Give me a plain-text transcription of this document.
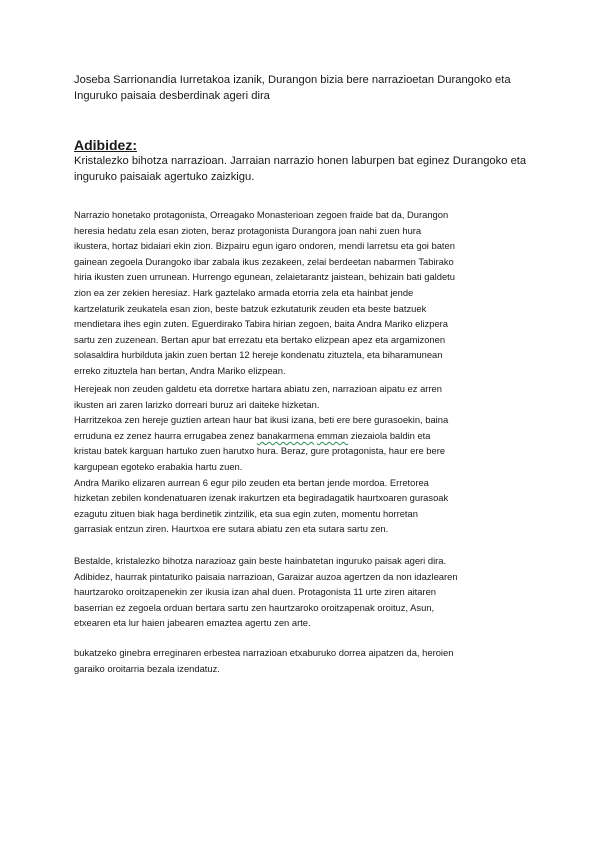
Joseba Sarrionandia Iurretakoa izanik, Durangon bizia bere narrazioetan Durangoko eta Inguruko paisaia desberdinak ageri dira

Adibidez:

Kristalezko bihotza narrazioan. Jarraian narrazio honen laburpen bat eginez Durangoko eta inguruko paisaiak agertuko zaizkigu.

Narrazio honetako protagonista, Orreagako Monasterioan zegoen fraide bat da, Durangon
heresia hedatu zela esan zioten, beraz protagonista Durangora joan nahi zuen hura
ikustera, hortaz bidaiari ekin zion. Bizpairu egun igaro ondoren, mendi larretsu eta goi baten
gainean zegoela Durangoko ibar zabala ikus zezakeen, zelai berdeetan nabarmen Tabirako
hiria ikusten zuen urrunean. Hurrengo egunean, zelaietarantz jaistean, behizain bati galdetu
zion ea zer zekien heresiaz. Hark gaztelako armada etorria zela eta hainbat jende
kartzelaturik zeukatela esan zion, beste batzuk ezkutaturik zeuden eta beste batzuek
mendietara ihes egin zuten. Eguerdirako Tabira hirian zegoen, baita Andra Mariko elizpera
sartu zen zuzenean. Bertan apur bat errezatu eta bertako elizpean apez eta argamizonen
solasaldira hurbilduta jakin zuen bertan 12 hereje kondenatu zituztela, eta biharamunean
erreko zituztela han bertan, Andra Mariko elizpean.
Herejeak non zeuden galdetu eta dorretxe hartara abiatu zen, narrazioan aipatu ez arren
ikusten ari zaren larizko dorreari buruz ari daiteke hizketan.
Harritzekoa zen hereje guztien artean haur bat ikusi izana, beti ere bere gurasoekin, baina
erruduna ez zenez haurra errugabea zenez banakarmena emman ziezaiola baldin eta
kristau batek karguan hartuko zuen harutxo hura. Beraz, gure protagonista, haur ere bere
kargupean egoteko erabakia hartu zuen.
Andra Mariko elizaren aurrean 6 egur pilo zeuden eta bertan jende mordoa. Erretorea
hizketan zebilen kondenatuaren izenak irakurtzen eta begiradagatik haurtxoaren gurasoak
ezagutu zituen biak haga berdinetik zintzilik, eta sua egin zuten, momentu horretan
garrasiak entzun ziren. Haurtxoa ere sutara abiatu zen eta sutara sartu zen.
Bestalde, kristalezko bihotza narazioaz gain beste hainbatetan inguruko paisak ageri dira.
Adibidez, haurrak pintaturiko paisaia narrazioan, Garaizar auzoa agertzen da non idazlearen
haurtzaroko oroitzapenekin zer ikusia izan ahal duen. Protagonista 11 urte ziren aitaren
baserrian ez zegoela orduan bertara sartu zen haurtzaroko oroitzapenak oroituz, Asun,
etxearen eta lur haien jabearen emaztea agertu zen arte.
bukatzeko ginebra erreginaren erbestea narrazioan etxaburuko dorrea aipatzen da, heroien
garaiko oroitarria bezala izendatuz.
